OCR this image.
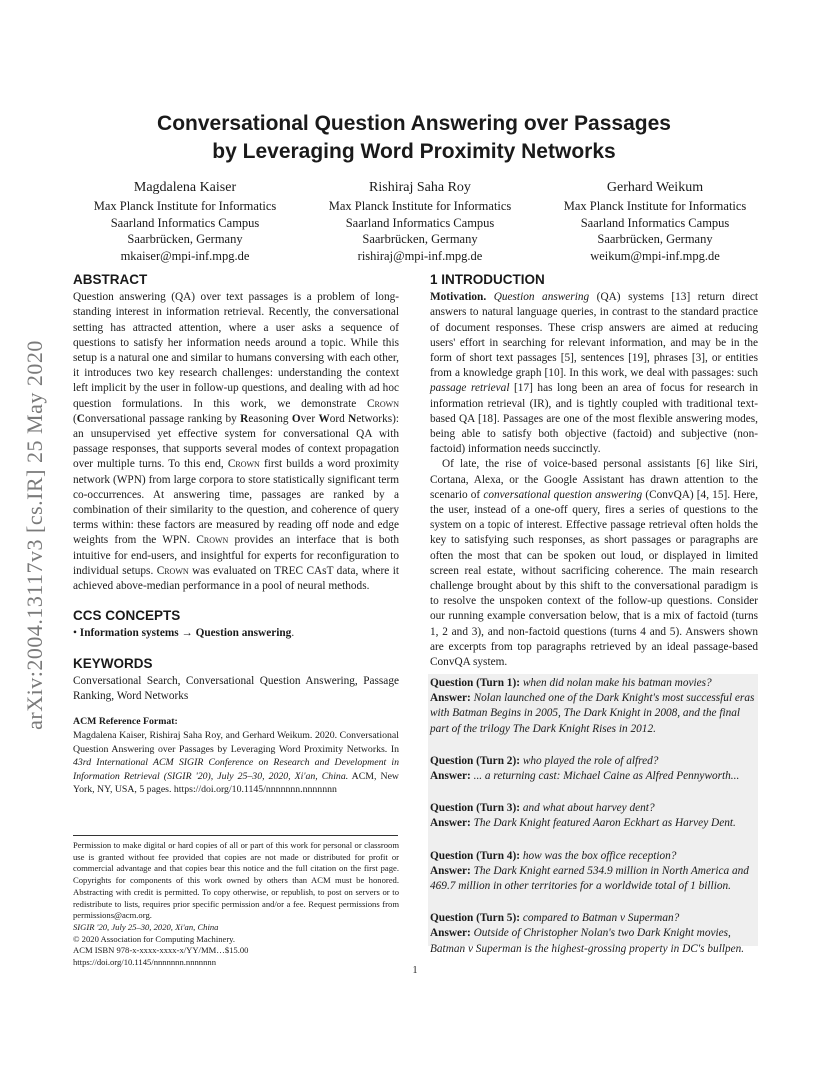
arXiv:2004.13117v3 [cs.IR] 25 May 2020
Conversational Question Answering over Passages
by Leveraging Word Proximity Networks
Magdalena Kaiser
Max Planck Institute for Informatics
Saarland Informatics Campus
Saarbrücken, Germany
mkaiser@mpi-inf.mpg.de
Rishiraj Saha Roy
Max Planck Institute for Informatics
Saarland Informatics Campus
Saarbrücken, Germany
rishiraj@mpi-inf.mpg.de
Gerhard Weikum
Max Planck Institute for Informatics
Saarland Informatics Campus
Saarbrücken, Germany
weikum@mpi-inf.mpg.de
ABSTRACT

Question answering (QA) over text passages is a problem of long-standing interest in information retrieval. Recently, the conversational setting has attracted attention, where a user asks a sequence of questions to satisfy her information needs around a topic. While this setup is a natural one and similar to humans conversing with each other, it introduces two key research challenges: understanding the context left implicit by the user in follow-up questions, and dealing with ad hoc question formulations. In this work, we demonstrate Crown (Conversational passage ranking by Reasoning Over Word Networks): an unsupervised yet effective system for conversational QA with passage responses, that supports several modes of context propagation over multiple turns. To this end, Crown first builds a word proximity network (WPN) from large corpora to store statistically significant term co-occurrences. At answering time, passages are ranked by a combination of their similarity to the question, and coherence of query terms within: these factors are measured by reading off node and edge weights from the WPN. Crown provides an interface that is both intuitive for end-users, and insightful for experts for reconfiguration to individual setups. Crown was evaluated on TREC CAsT data, where it achieved above-median performance in a pool of neural methods.

CCS CONCEPTS

• Information systems → Question answering.

KEYWORDS

Conversational Search, Conversational Question Answering, Passage Ranking, Word Networks

ACM Reference Format:

Magdalena Kaiser, Rishiraj Saha Roy, and Gerhard Weikum. 2020. Conversational Question Answering over Passages by Leveraging Word Proximity Networks. In 43rd International ACM SIGIR Conference on Research and Development in Information Retrieval (SIGIR '20), July 25–30, 2020, Xi'an, China. ACM, New York, NY, USA, 5 pages. https://doi.org/10.1145/nnnnnnn.nnnnnnn

Permission to make digital or hard copies of all or part of this work for personal or classroom use is granted without fee provided that copies are not made or distributed for profit or commercial advantage and that copies bear this notice and the full citation on the first page. Copyrights for components of this work owned by others than ACM must be honored. Abstracting with credit is permitted. To copy otherwise, or republish, to post on servers or to redistribute to lists, requires prior specific permission and/or a fee. Request permissions from permissions@acm.org.
SIGIR '20, July 25–30, 2020, Xi'an, China
© 2020 Association for Computing Machinery.
ACM ISBN 978-x-xxxx-xxxx-x/YY/MM…$15.00
https://doi.org/10.1145/nnnnnnn.nnnnnnn
1 INTRODUCTION

Motivation. Question answering (QA) systems [13] return direct answers to natural language queries, in contrast to the standard practice of document responses. These crisp answers are aimed at reducing users' effort in searching for relevant information, and may be in the form of short text passages [5], sentences [19], phrases [3], or entities from a knowledge graph [10]. In this work, we deal with passages: such passage retrieval [17] has long been an area of focus for research in information retrieval (IR), and is tightly coupled with traditional text-based QA [18]. Passages are one of the most flexible answering modes, being able to satisfy both objective (factoid) and subjective (non-factoid) information needs succinctly.

Of late, the rise of voice-based personal assistants [6] like Siri, Cortana, Alexa, or the Google Assistant has drawn attention to the scenario of conversational question answering (ConvQA) [4, 15]. Here, the user, instead of a one-off query, fires a series of questions to the system on a topic of interest. Effective passage retrieval often holds the key to satisfying such responses, as short passages or paragraphs are often the most that can be spoken out loud, or displayed in limited screen real estate, without sacrificing coherence. The main research challenge brought about by this shift to the conversational paradigm is to resolve the unspoken context of the follow-up questions. Consider our running example conversation below, that is a mix of factoid (turns 1, 2 and 3), and non-factoid questions (turns 4 and 5). Answers shown are excerpts from top paragraphs retrieved by an ideal passage-based ConvQA system.

Question (Turn 1): when did nolan make his batman movies?
Answer: Nolan launched one of the Dark Knight's most successful eras with Batman Begins in 2005, The Dark Knight in 2008, and the final part of the trilogy The Dark Knight Rises in 2012.
Question (Turn 2): who played the role of alfred?
Answer: ... a returning cast: Michael Caine as Alfred Pennyworth...
Question (Turn 3): and what about harvey dent?
Answer: The Dark Knight featured Aaron Eckhart as Harvey Dent.
Question (Turn 4): how was the box office reception?
Answer: The Dark Knight earned 534.9 million in North America and 469.7 million in other territories for a worldwide total of 1 billion.
Question (Turn 5): compared to Batman v Superman?
Answer: Outside of Christopher Nolan's two Dark Knight movies, Batman v Superman is the highest-grossing property in DC's bullpen.
1
